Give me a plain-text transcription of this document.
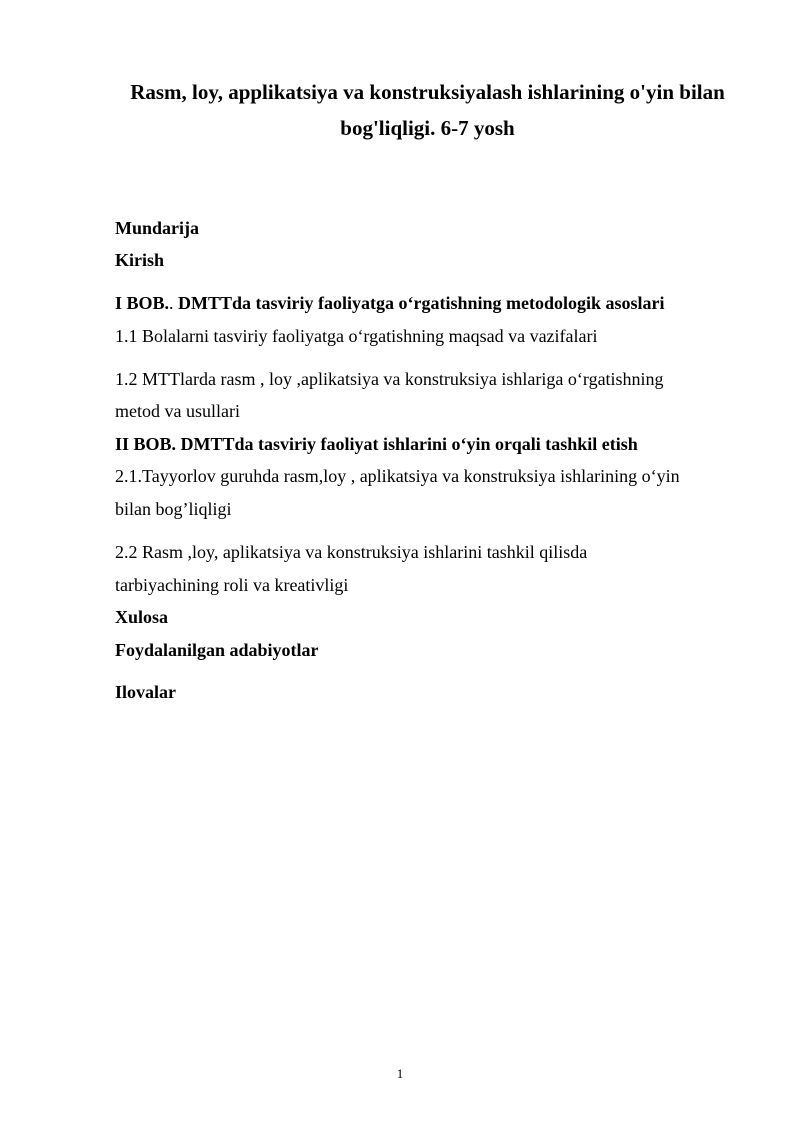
Rasm, loy, applikatsiya va konstruksiyalash ishlarining o'yin bilan

bog'liqligi. 6-7 yosh

Mundarija

Kirish

I BOB.. DMTTda tasviriy faoliyatga o‘rgatishning metodologik asoslari

1.1 Bolalarni tasviriy faoliyatga o‘rgatishning maqsad va vazifalari

1.2 MTTlarda rasm , loy ,aplikatsiya va konstruksiya ishlariga o‘rgatishning

metod va usullari

II BOB. DMTTda tasviriy faoliyat ishlarini o‘yin orqali tashkil etish

2.1.Tayyorlov guruhda rasm,loy , aplikatsiya va konstruksiya ishlarining o‘yin

bilan bog’liqligi

2.2 Rasm ,loy, aplikatsiya va konstruksiya ishlarini tashkil qilisda

tarbiyachining roli va kreativligi

Xulosa

Foydalanilgan adabiyotlar

Ilovalar

1
